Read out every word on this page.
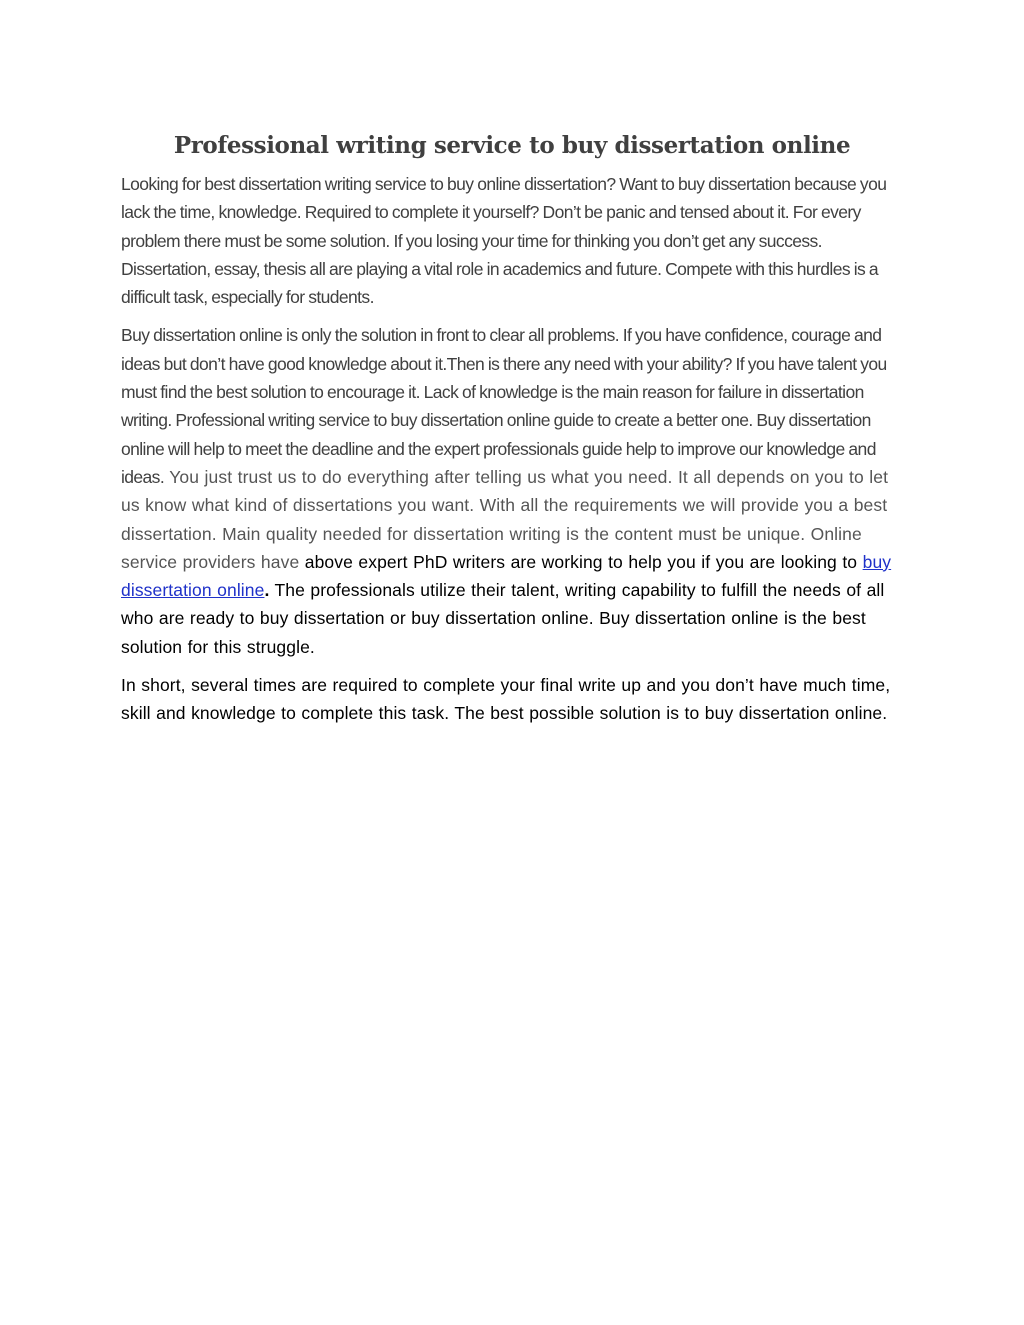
Professional writing service to buy dissertation online

Looking for best dissertation writing service to buy online dissertation? Want to buy dissertation because you lack the time, knowledge. Required to complete it yourself? Don’t be panic and tensed about it. For every problem there must be some solution. If you losing your time for thinking you don’t get any success. Dissertation, essay, thesis all are playing a vital role in academics and future. Compete with this hurdles is a difficult task, especially for students.

Buy dissertation online is only the solution in front to clear all problems. If you have confidence, courage and ideas but don’t have good knowledge about it.Then is there any need with your ability? If you have talent you must find the best solution to encourage it. Lack of knowledge is the main reason for failure in dissertation writing. Professional writing service to buy dissertation online guide to create a better one. Buy dissertation online will help to meet the deadline and the expert professionals guide help to improve our knowledge and ideas. You just trust us to do everything after telling us what you need. It all depends on you to let us know what kind of dissertations you want. With all the requirements we will provide you a best dissertation. Main quality needed for dissertation writing is the content must be unique. Online service providers have above expert PhD writers are working to help you if you are looking to buy dissertation online. The professionals utilize their talent, writing capability to fulfill the needs of all who are ready to buy dissertation or buy dissertation online. Buy dissertation online is the best solution for this struggle.

In short, several times are required to complete your final write up and you don’t have much time, skill and knowledge to complete this task. The best possible solution is to buy dissertation online.
